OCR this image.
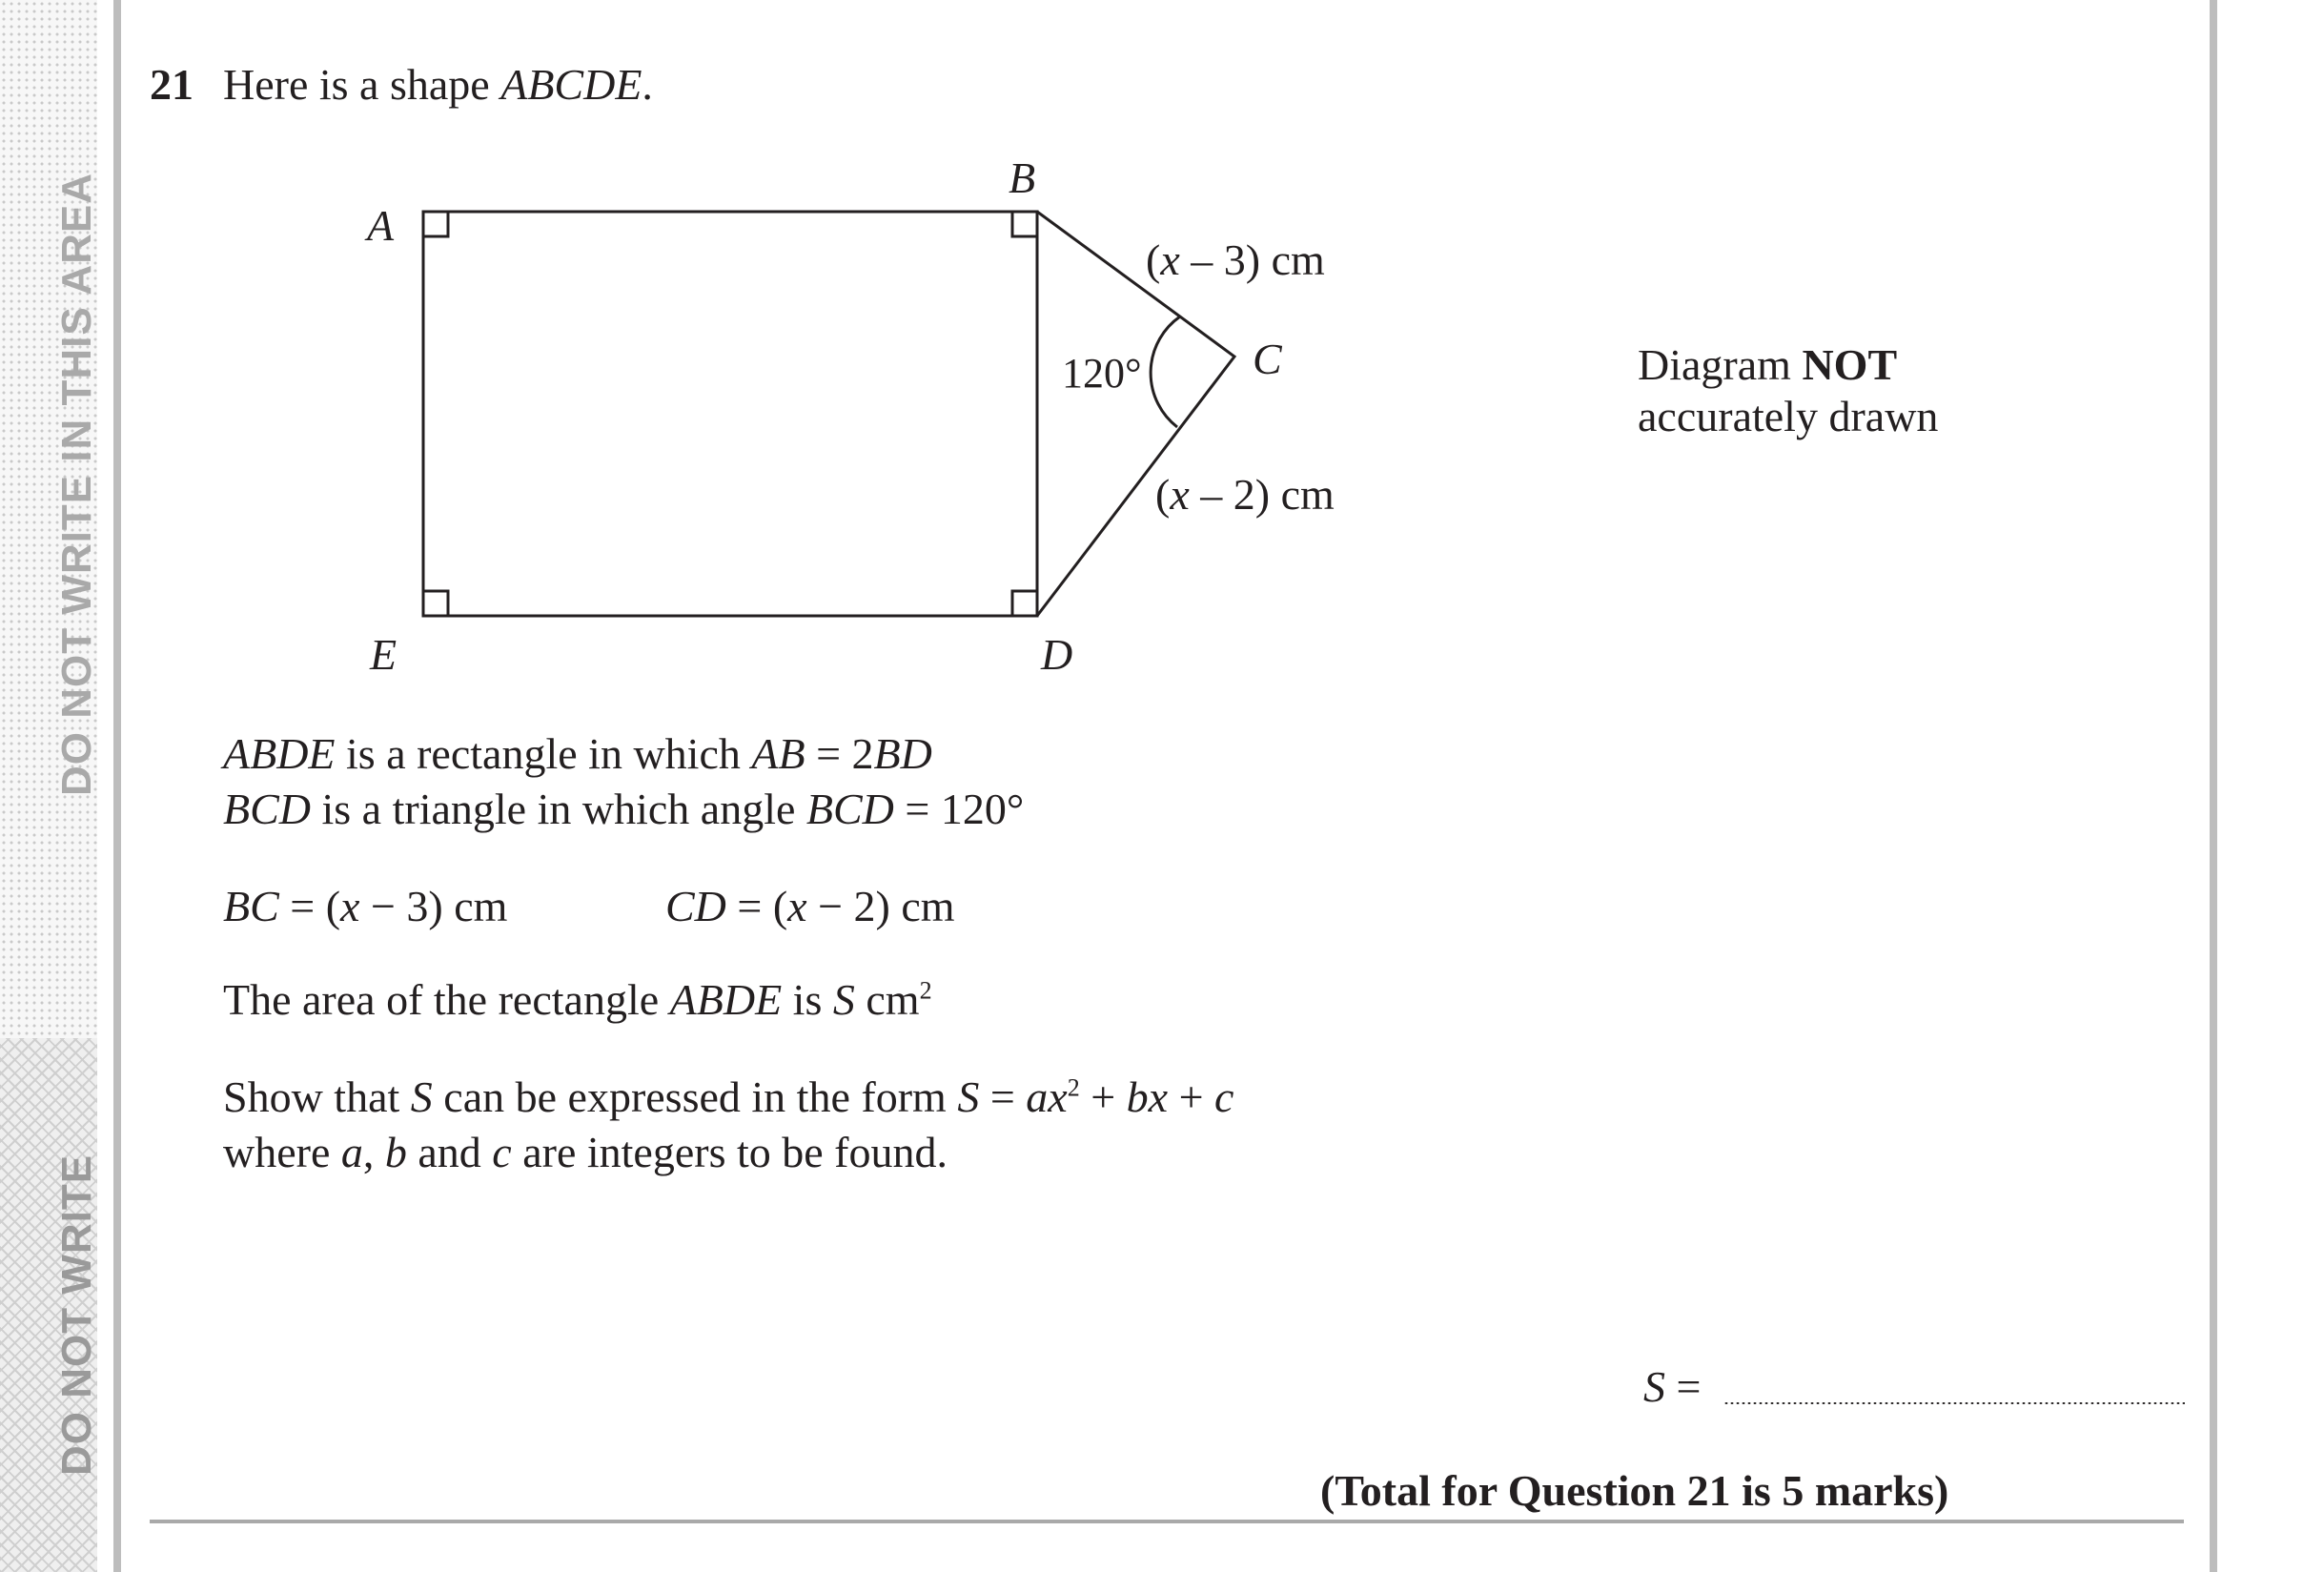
DO NOT WRITE IN THIS AREA
DO NOT WRITE
21 Here is a shape ABCDE.
A
B
C
D
E
120°
(x – 3) cm
(x – 2) cm
Diagram NOT
accurately drawn
ABDE is a rectangle in which AB = 2BD
BCD is a triangle in which angle BCD = 120°
BC = (x − 3) cm	CD = (x − 2) cm
The area of the rectangle ABDE is S $cm^2$
Show that S can be expressed in the form $S = ax^2$ + bx + c
where a, b and c are integers to be found.
S =
(Total for Question 21 is 5 marks)
